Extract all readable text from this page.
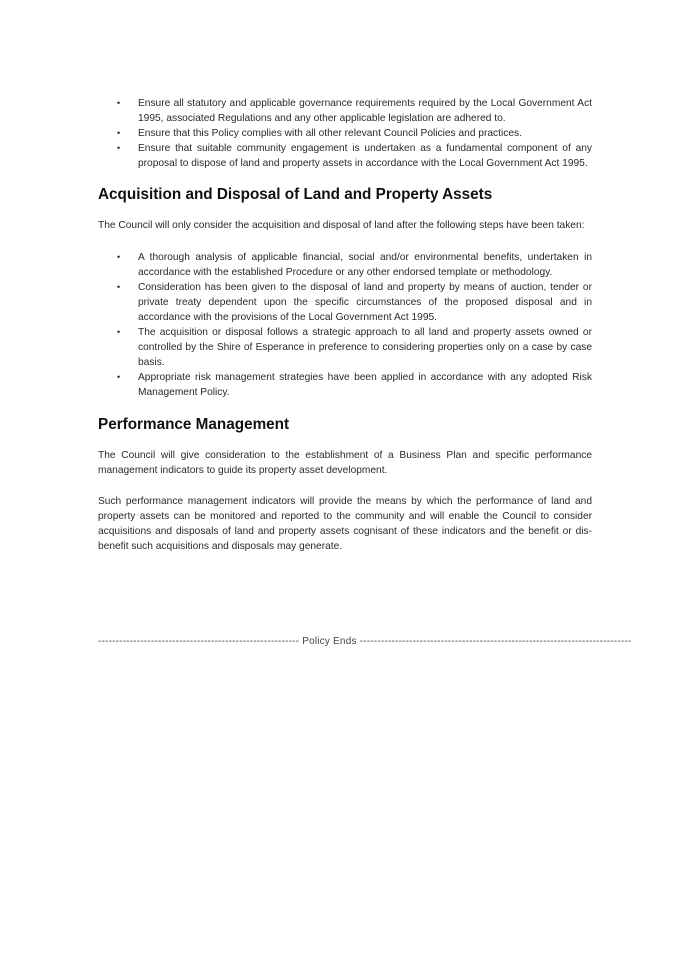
• Ensure all statutory and applicable governance requirements required by the Local Government Act 1995, associated Regulations and any other applicable legislation are adhered to.
• Ensure that this Policy complies with all other relevant Council Policies and practices.
• Ensure that suitable community engagement is undertaken as a fundamental component of any proposal to dispose of land and property assets in accordance with the Local Government Act 1995.
Acquisition and Disposal of Land and Property Assets

The Council will only consider the acquisition and disposal of land after the following steps have been taken:

• A thorough analysis of applicable financial, social and/or environmental benefits, undertaken in accordance with the established Procedure or any other endorsed template or methodology.
• Consideration has been given to the disposal of land and property by means of auction, tender or private treaty dependent upon the specific circumstances of the proposed disposal and in accordance with the provisions of the Local Government Act 1995.
• The acquisition or disposal follows a strategic approach to all land and property assets owned or controlled by the Shire of Esperance in preference to considering properties only on a case by case basis.
• Appropriate risk management strategies have been applied in accordance with any adopted Risk Management Policy.
Performance Management

The Council will give consideration to the establishment of a Business Plan and specific performance management indicators to guide its property asset development.

Such performance management indicators will provide the means by which the performance of land and property assets can be monitored and reported to the community and will enable the Council to consider acquisitions and disposals of land and property assets cognisant of these indicators and the benefit or dis-benefit such acquisitions and disposals may generate.

--------------------------------------------------------- Policy Ends -----------------------------------------------------------------------------
